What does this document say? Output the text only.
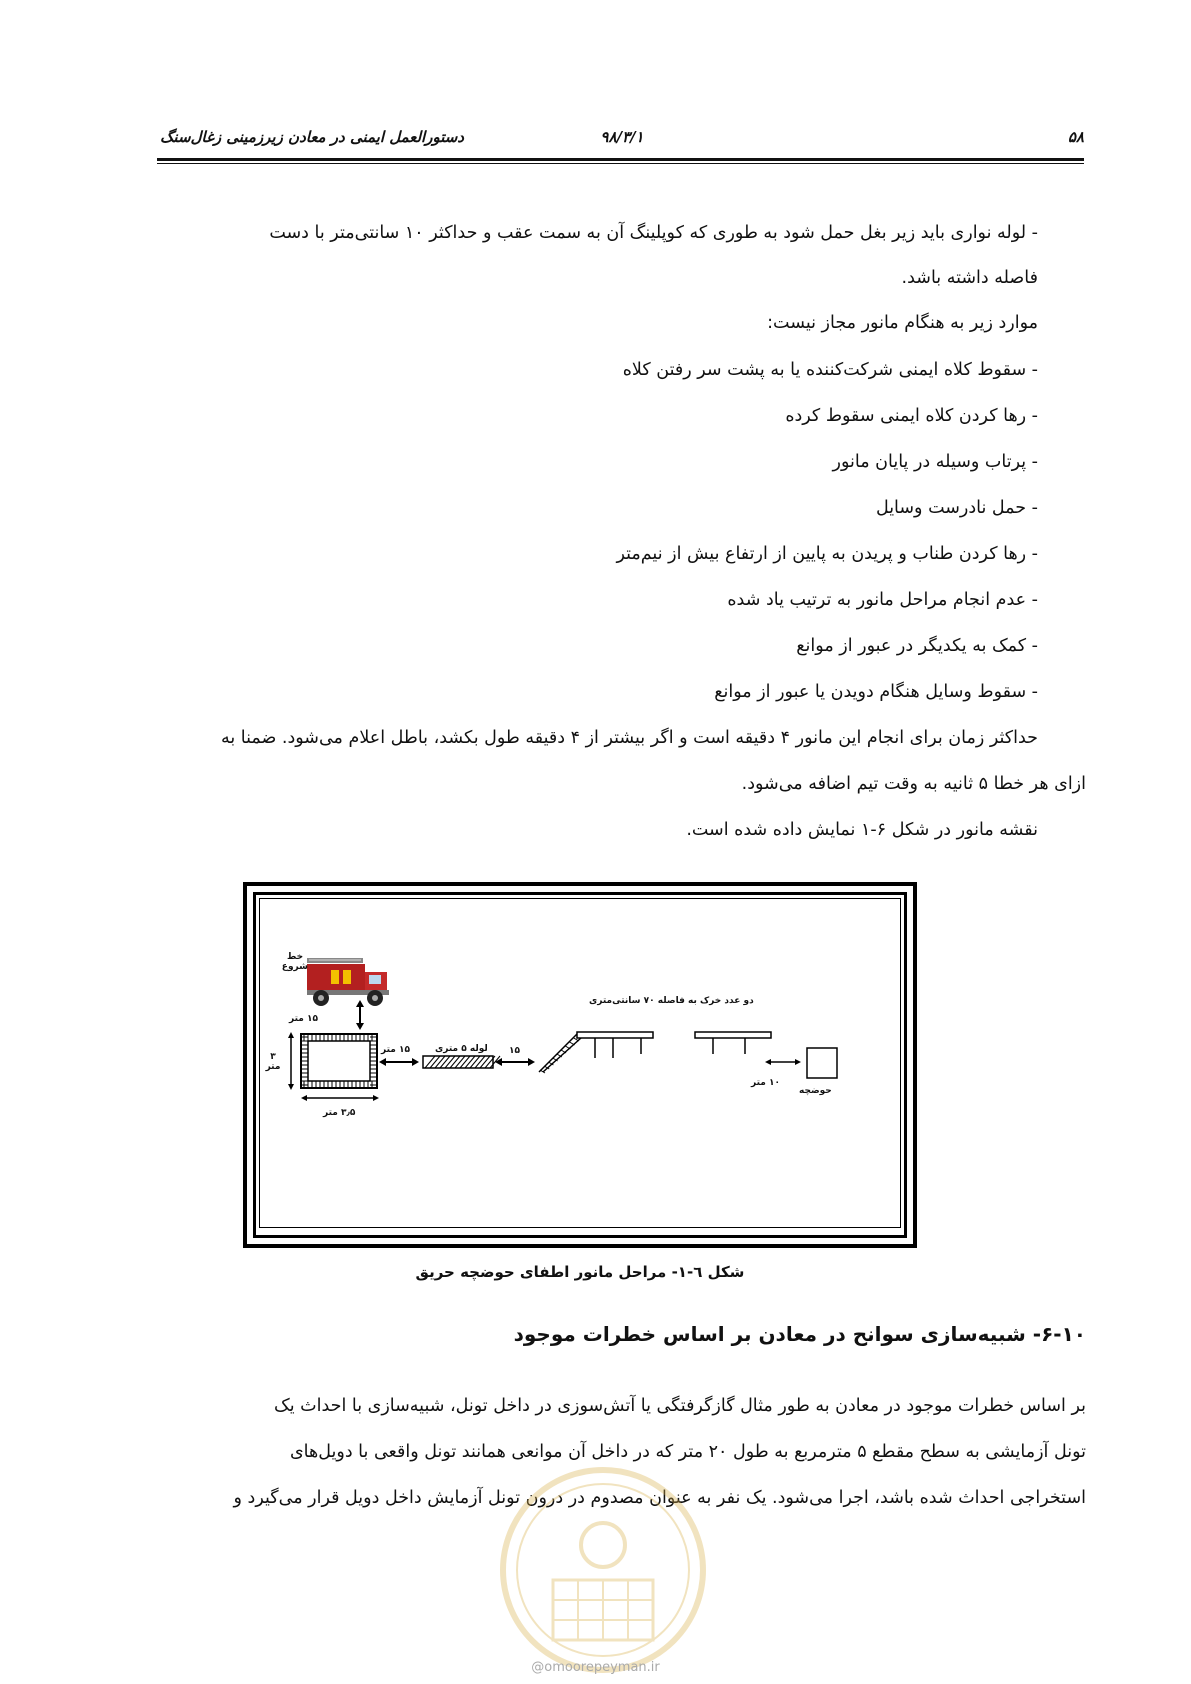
۵۸
۹۸/۳/۱
دستورالعمل ایمنی در معادن زیرزمینی زغال‌سنگ
- لوله نواری باید زیر بغل حمل شود به طوری که کوپلینگ آن به سمت عقب و حداکثر ۱۰ سانتی‌متر با دست
فاصله داشته باشد.
موارد زیر به هنگام مانور مجاز نیست:
- سقوط کلاه ایمنی شرکت‌کننده یا به پشت سر رفتن کلاه
- رها کردن کلاه ایمنی سقوط کرده
- پرتاب وسیله در پایان مانور
- حمل نادرست وسایل
- رها کردن طناب و پریدن به پایین از ارتفاع بیش از نیم‌متر
- عدم انجام مراحل مانور به ترتیب یاد شده
- کمک به یکدیگر در عبور از موانع
- سقوط وسایل هنگام دویدن یا عبور از موانع
حداکثر زمان برای انجام این مانور ۴ دقیقه است و اگر بیشتر از ۴ دقیقه طول بکشد، باطل اعلام می‌شود. ضمنا به
ازای هر خطا ۵ ثانیه به وقت تیم اضافه می‌شود.
نقشه مانور در شکل ۶-۱ نمایش داده شده است.
خط
شروع
۱۵ متر
۳
متر
۳٫۵ متر
۱۵ متر	لوله ۵ متری ۱۵
دو عدد خرک به فاصله ۷۰ سانتی‌متری
۱۰ متر
حوضچه
شکل ٦-١- مراحل مانور اطفای حوضچه حریق
۶-۱۰- شبیه‌سازی سوانح در معادن بر اساس خطرات موجود
بر اساس خطرات موجود در معادن به طور مثال گازگرفتگی یا آتش‌سوزی در داخل تونل، شبیه‌سازی با احداث یک
تونل آزمایشی به سطح مقطع ۵ مترمربع به طول ۲۰ متر که در داخل آن موانعی همانند تونل واقعی با دویل‌های
استخراجی احداث شده باشد، اجرا می‌شود. یک نفر به عنوان مصدوم در درون تونل آزمایش داخل دویل قرار می‌گیرد و
@omoorepeyman.ir
